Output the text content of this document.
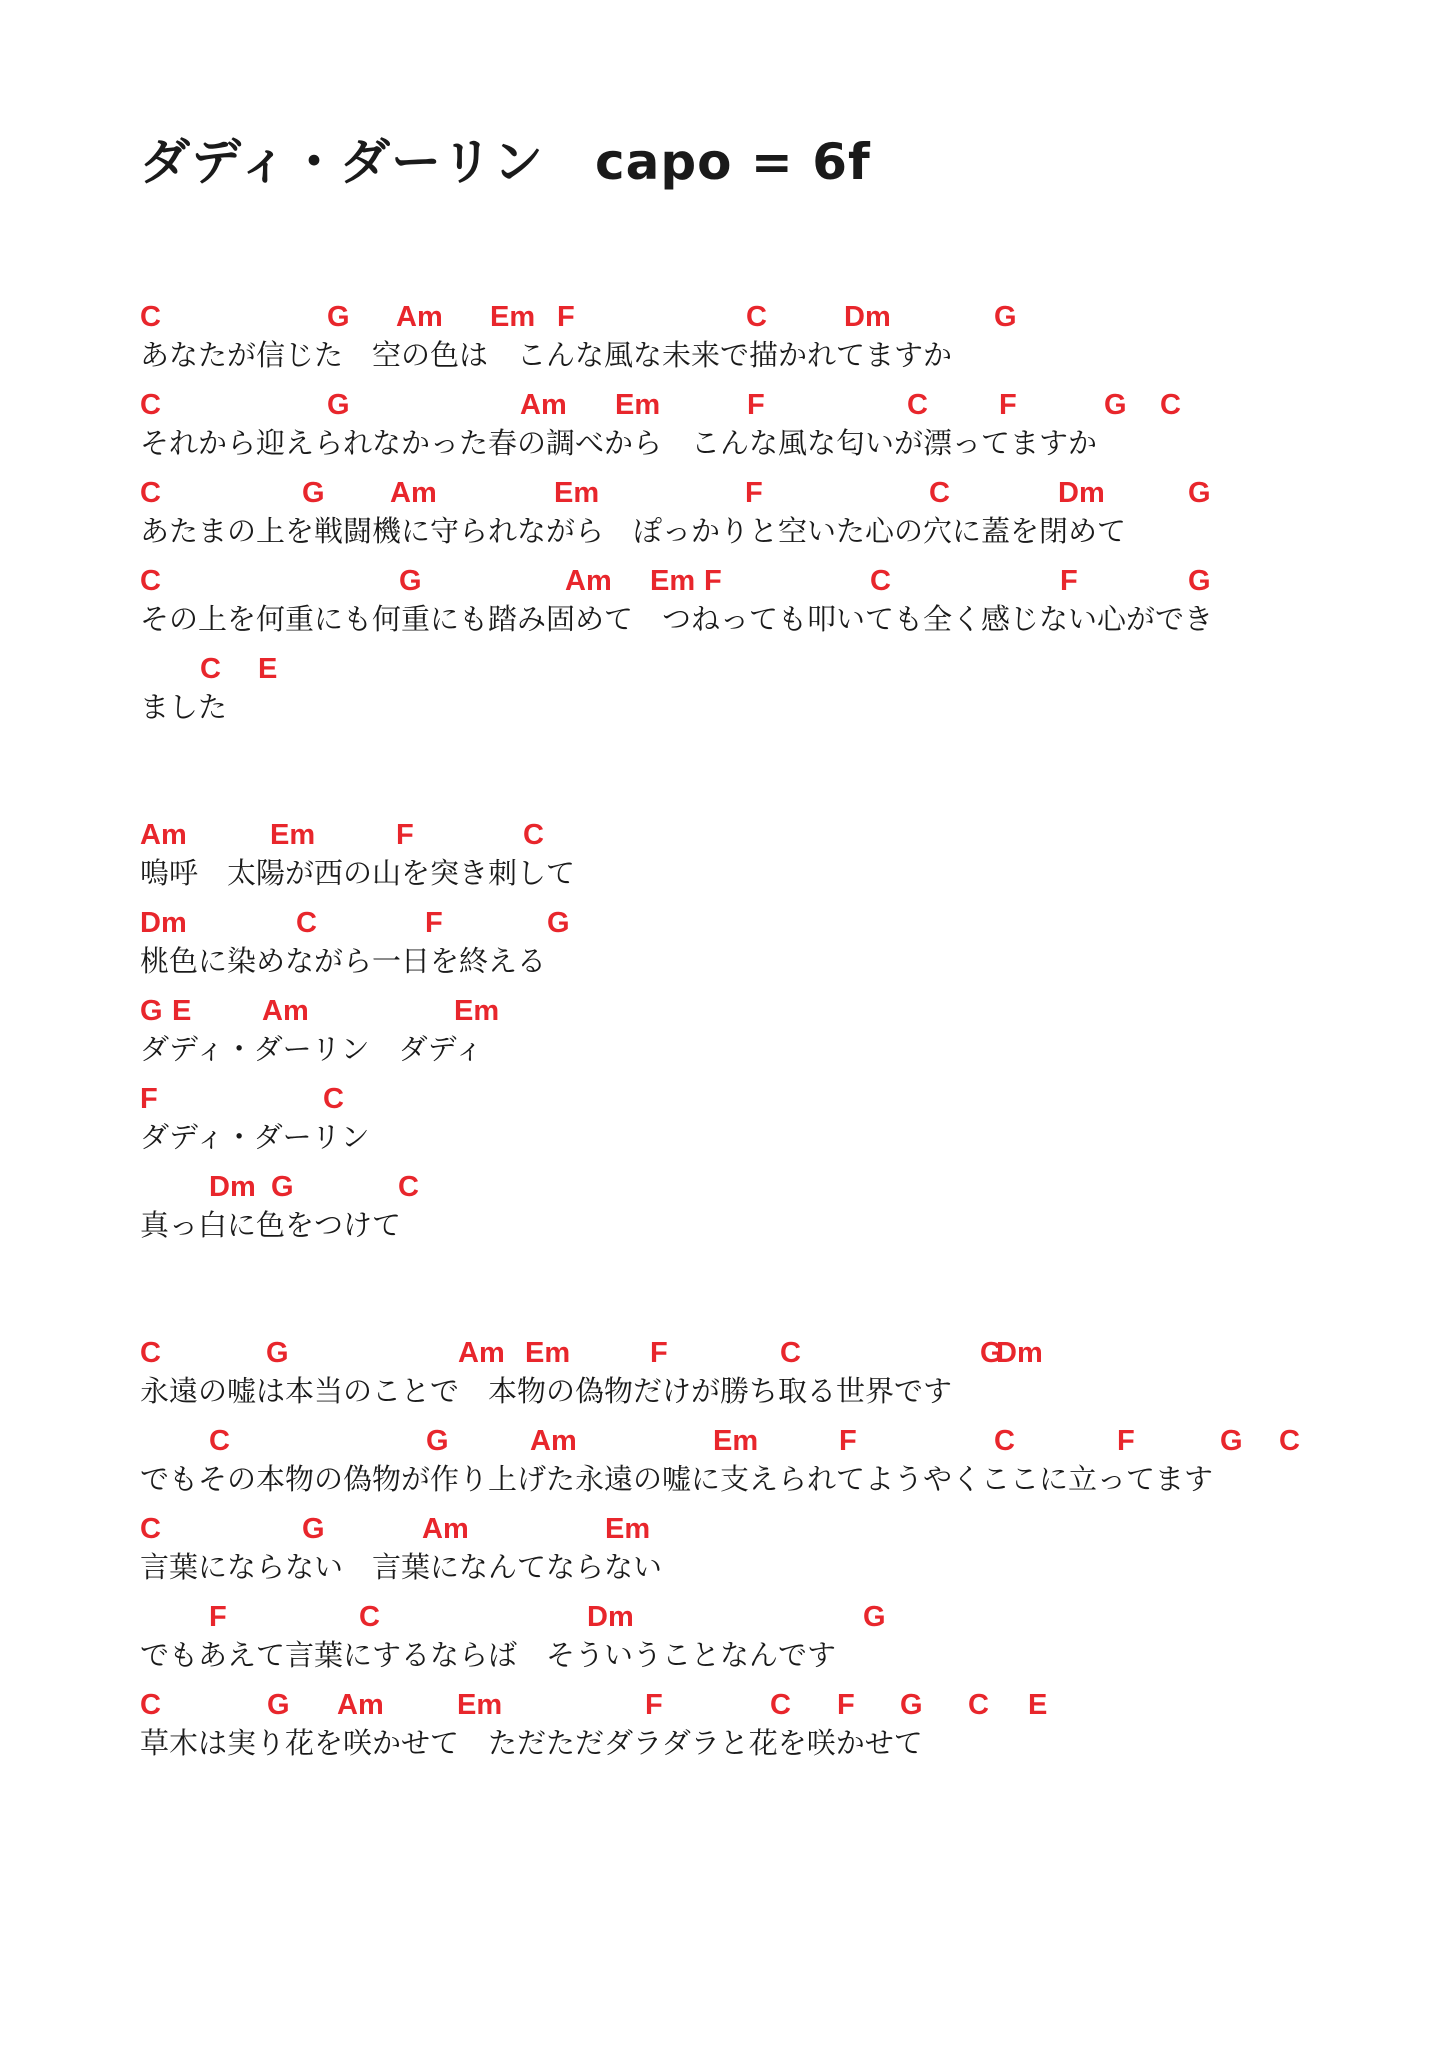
ダディ・ダーリン　capo = 6f
C	G Am Em F	C	Dm	G
あなたが信じた　空の色は　こんな風な未来で描かれてますか
C	G	Am Em	F	C F	G C
それから迎えられなかった春の調べから　こんな風な匂いが漂ってますか
C	G Am	Em	F	C	Dm	G
あたまの上を戦闘機に守られながら　ぽっかりと空いた心の穴に蓋を閉めて
C	G	Am Em F	C	F	G
その上を何重にも何重にも踏み固めて　つねっても叩いても全く感じない心ができ
C E
ました
Am	Em	F	C
嗚呼　太陽が西の山を突き刺して
Dm	C	F	G
桃色に染めながら一日を終える
G E Am	Em
ダディ・ダーリン　ダディ
F	C
ダディ・ダーリン
Dm G	C
真っ白に色をつけて
C	G	Am Em	F	C	Dm
G
永遠の嘘は本当のことで　本物の偽物だけが勝ち取る世界です
C	G	Am	Em	F	C	F	G C
でもその本物の偽物が作り上げた永遠の嘘に支えられてようやくここに立ってます
C	G	Am	Em
言葉にならない　言葉になんてならない
F	C	Dm	G
でもあえて言葉にするならば　そういうことなんです
C	G Am	Em	F	C F G C E
草木は実り花を咲かせて　ただただダラダラと花を咲かせて
